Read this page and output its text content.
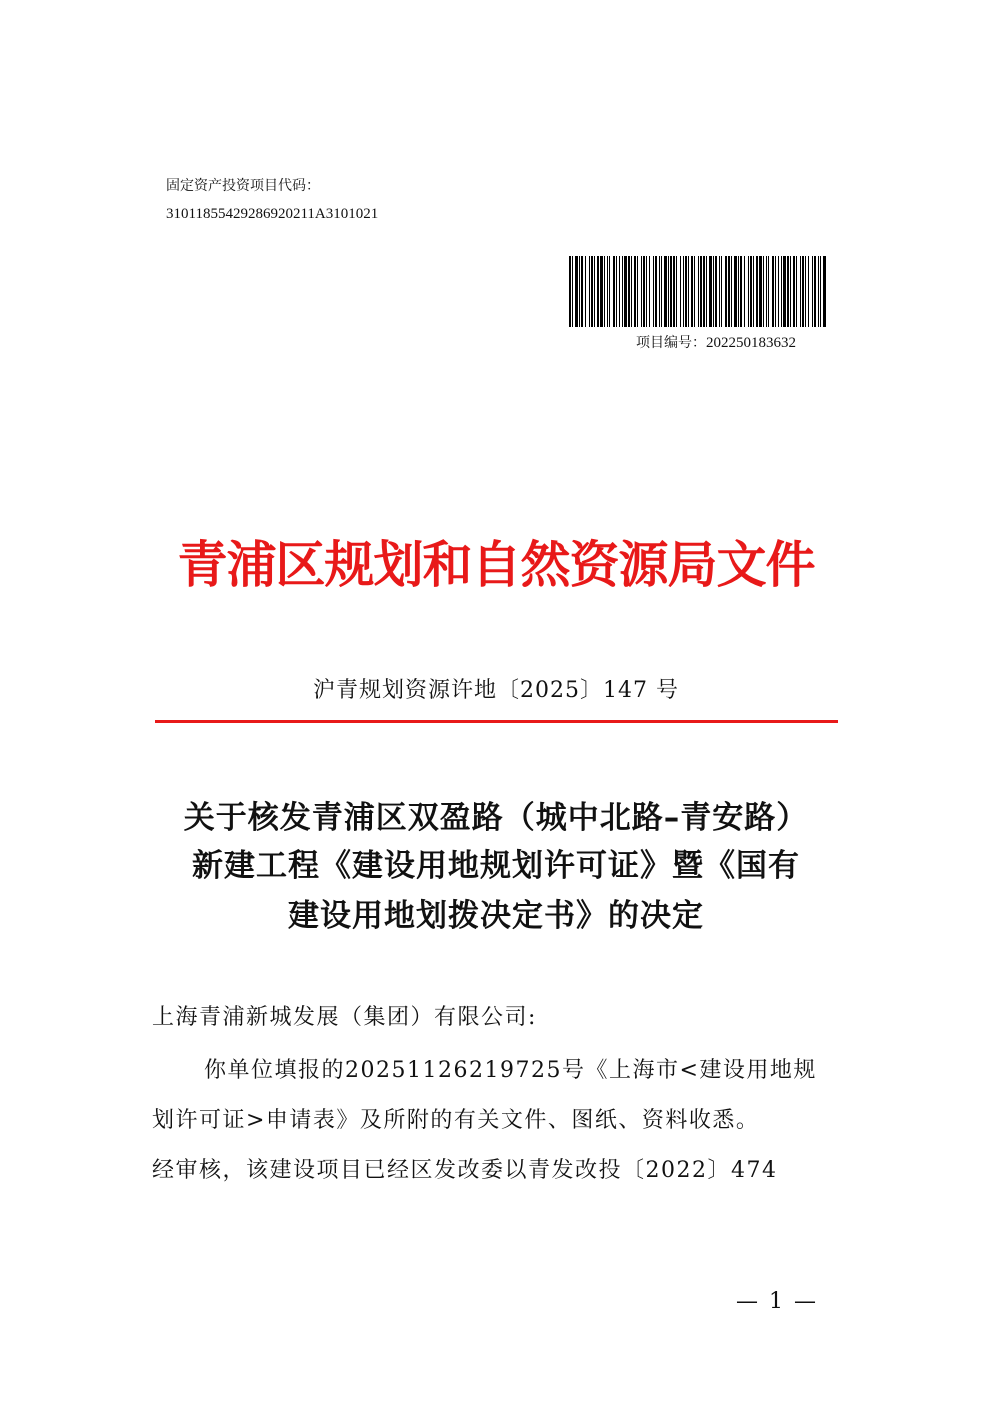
固定资产投资项目代码：
31011855429286920211A3101021
项目编号：202250183632
青浦区规划和自然资源局文件
沪青规划资源许地〔2025〕147 号
关于核发青浦区双盈路（城中北路–青安路）
新建工程《建设用地规划许可证》暨《国有
建设用地划拨决定书》的决定
上海青浦新城发展（集团）有限公司:
你单位填报的20251126219725号《上海市<建设用地规
划许可证>申请表》及所附的有关文件、图纸、资料收悉。
经审核，该建设项目已经区发改委以青发改投〔2022〕474
— 1 —
